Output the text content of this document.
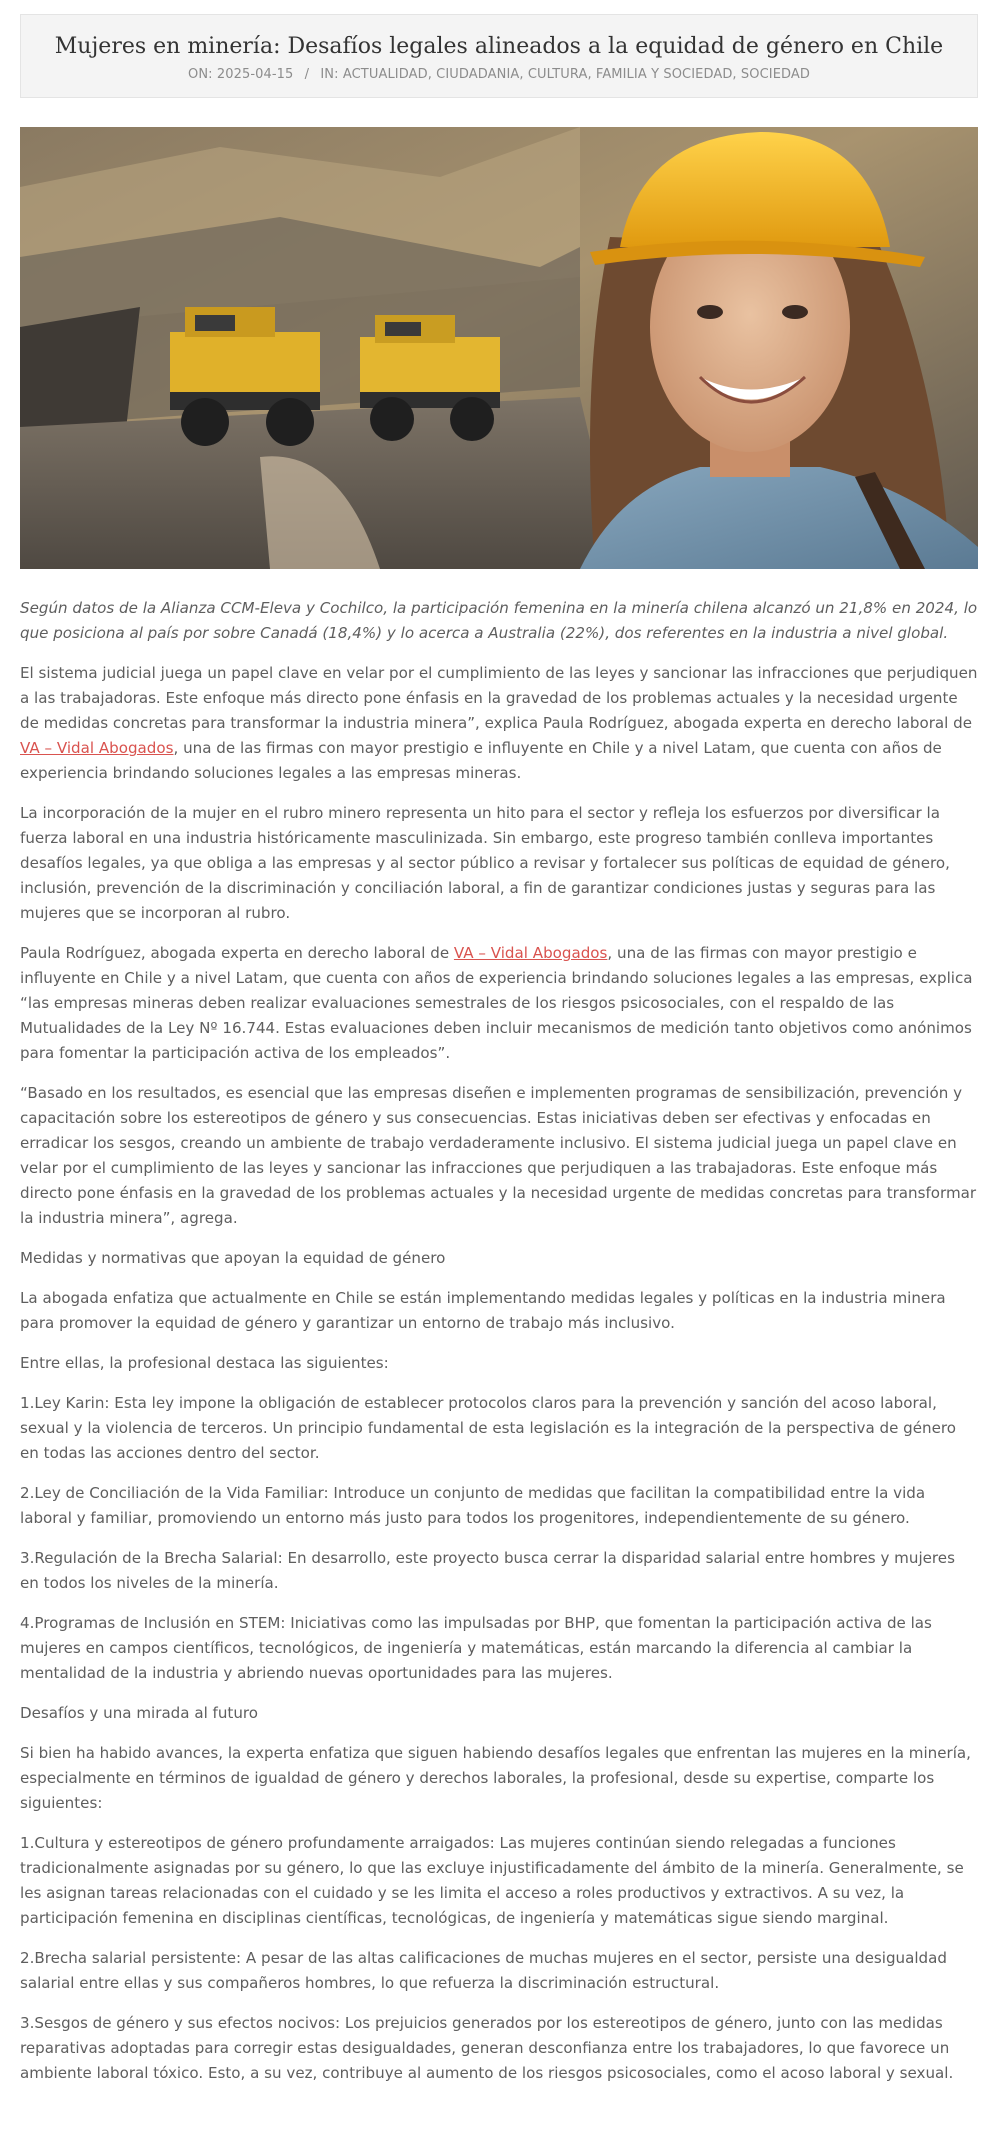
Mujeres en minería: Desafíos legales alineados a la equidad de género en Chile
ON: 2025-04-15 / IN: ACTUALIDAD, CIUDADANIA, CULTURA, FAMILIA Y SOCIEDAD, SOCIEDAD

Según datos de la Alianza CCM-Eleva y Cochilco, la participación femenina en la minería chilena alcanzó un 21,8% en 2024, lo que posiciona al país por sobre Canadá (18,4%) y lo acerca a Australia (22%), dos referentes en la industria a nivel global.

El sistema judicial juega un papel clave en velar por el cumplimiento de las leyes y sancionar las infracciones que perjudiquen a las trabajadoras. Este enfoque más directo pone énfasis en la gravedad de los problemas actuales y la necesidad urgente de medidas concretas para transformar la industria minera”, explica Paula Rodríguez, abogada experta en derecho laboral de VA – Vidal Abogados, una de las firmas con mayor prestigio e influyente en Chile y a nivel Latam, que cuenta con años de experiencia brindando soluciones legales a las empresas mineras.

La incorporación de la mujer en el rubro minero representa un hito para el sector y refleja los esfuerzos por diversificar la fuerza laboral en una industria históricamente masculinizada. Sin embargo, este progreso también conlleva importantes desafíos legales, ya que obliga a las empresas y al sector público a revisar y fortalecer sus políticas de equidad de género, inclusión, prevención de la discriminación y conciliación laboral, a fin de garantizar condiciones justas y seguras para las mujeres que se incorporan al rubro.

Paula Rodríguez, abogada experta en derecho laboral de VA – Vidal Abogados, una de las firmas con mayor prestigio e influyente en Chile y a nivel Latam, que cuenta con años de experiencia brindando soluciones legales a las empresas, explica “las empresas mineras deben realizar evaluaciones semestrales de los riesgos psicosociales, con el respaldo de las Mutualidades de la Ley Nº 16.744. Estas evaluaciones deben incluir mecanismos de medición tanto objetivos como anónimos para fomentar la participación activa de los empleados”.

“Basado en los resultados, es esencial que las empresas diseñen e implementen programas de sensibilización, prevención y capacitación sobre los estereotipos de género y sus consecuencias. Estas iniciativas deben ser efectivas y enfocadas en erradicar los sesgos, creando un ambiente de trabajo verdaderamente inclusivo. El sistema judicial juega un papel clave en velar por el cumplimiento de las leyes y sancionar las infracciones que perjudiquen a las trabajadoras. Este enfoque más directo pone énfasis en la gravedad de los problemas actuales y la necesidad urgente de medidas concretas para transformar la industria minera”, agrega.

Medidas y normativas que apoyan la equidad de género

La abogada enfatiza que actualmente en Chile se están implementando medidas legales y políticas en la industria minera para promover la equidad de género y garantizar un entorno de trabajo más inclusivo.

Entre ellas, la profesional destaca las siguientes:

1.Ley Karin: Esta ley impone la obligación de establecer protocolos claros para la prevención y sanción del acoso laboral, sexual y la violencia de terceros. Un principio fundamental de esta legislación es la integración de la perspectiva de género en todas las acciones dentro del sector.

2.Ley de Conciliación de la Vida Familiar: Introduce un conjunto de medidas que facilitan la compatibilidad entre la vida laboral y familiar, promoviendo un entorno más justo para todos los progenitores, independientemente de su género.

3.Regulación de la Brecha Salarial: En desarrollo, este proyecto busca cerrar la disparidad salarial entre hombres y mujeres en todos los niveles de la minería.

4.Programas de Inclusión en STEM: Iniciativas como las impulsadas por BHP, que fomentan la participación activa de las mujeres en campos científicos, tecnológicos, de ingeniería y matemáticas, están marcando la diferencia al cambiar la mentalidad de la industria y abriendo nuevas oportunidades para las mujeres.

Desafíos y una mirada al futuro

Si bien ha habido avances, la experta enfatiza que siguen habiendo desafíos legales que enfrentan las mujeres en la minería, especialmente en términos de igualdad de género y derechos laborales, la profesional, desde su expertise, comparte los siguientes:

1.Cultura y estereotipos de género profundamente arraigados: Las mujeres continúan siendo relegadas a funciones tradicionalmente asignadas por su género, lo que las excluye injustificadamente del ámbito de la minería. Generalmente, se les asignan tareas relacionadas con el cuidado y se les limita el acceso a roles productivos y extractivos. A su vez, la participación femenina en disciplinas científicas, tecnológicas, de ingeniería y matemáticas sigue siendo marginal.

2.Brecha salarial persistente: A pesar de las altas calificaciones de muchas mujeres en el sector, persiste una desigualdad salarial entre ellas y sus compañeros hombres, lo que refuerza la discriminación estructural.

3.Sesgos de género y sus efectos nocivos: Los prejuicios generados por los estereotipos de género, junto con las medidas reparativas adoptadas para corregir estas desigualdades, generan desconfianza entre los trabajadores, lo que favorece un ambiente laboral tóxico. Esto, a su vez, contribuye al aumento de los riesgos psicosociales, como el acoso laboral y sexual.
